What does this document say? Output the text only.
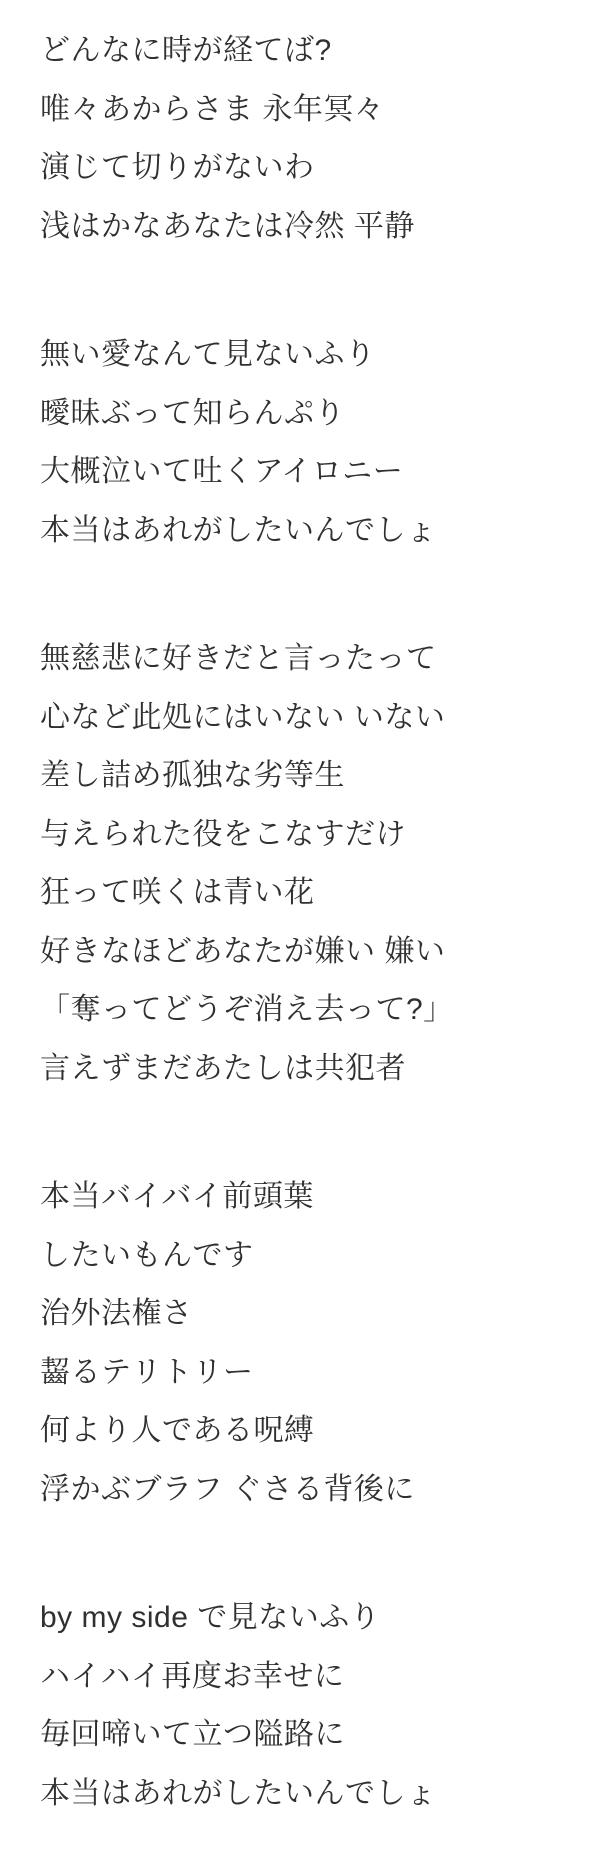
どんなに時が経てば?
唯々あからさま 永年冥々
演じて切りがないわ
浅はかなあなたは冷然 平静
無い愛なんて見ないふり
曖昧ぶって知らんぷり
大概泣いて吐くアイロニー
本当はあれがしたいんでしょ
無慈悲に好きだと言ったって
心など此処にはいない いない
差し詰め孤独な劣等生
与えられた役をこなすだけ
狂って咲くは青い花
好きなほどあなたが嫌い 嫌い
「奪ってどうぞ消え去って?」
言えずまだあたしは共犯者
本当バイバイ前頭葉
したいもんです
治外法権さ
齧るテリトリー
何より人である呪縛
浮かぶブラフ ぐさる背後に
by my side で見ないふり
ハイハイ再度お幸せに
毎回啼いて立つ隘路に
本当はあれがしたいんでしょ
